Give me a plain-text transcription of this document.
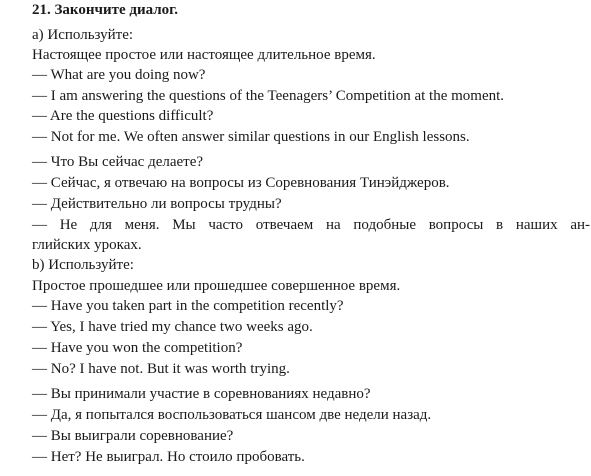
21. Закончите диалог.
a) Используйте:
Настоящее простое или настоящее длительное время.
— What are you doing now?
— I am answering the questions of the Teenagers’ Competition at the moment.
— Are the questions difficult?
— Not for me. We often answer similar questions in our English lessons.
— Что Вы сейчас делаете?
— Сейчас, я отвечаю на вопросы из Соревнования Тинэйджеров.
— Действительно ли вопросы трудны?
— Не для меня. Мы часто отвечаем на подобные вопросы в наших ан-
глийских уроках.
b) Используйте:
Простое прошедшее или прошедшее совершенное время.
— Have you taken part in the competition recently?
— Yes, I have tried my chance two weeks ago.
— Have you won the competition?
— No? I have not. But it was worth trying.
— Вы принимали участие в соревнованиях недавно?
— Да, я попытался воспользоваться шансом две недели назад.
— Вы выиграли соревнование?
— Нет? Не выиграл. Но стоило пробовать.
